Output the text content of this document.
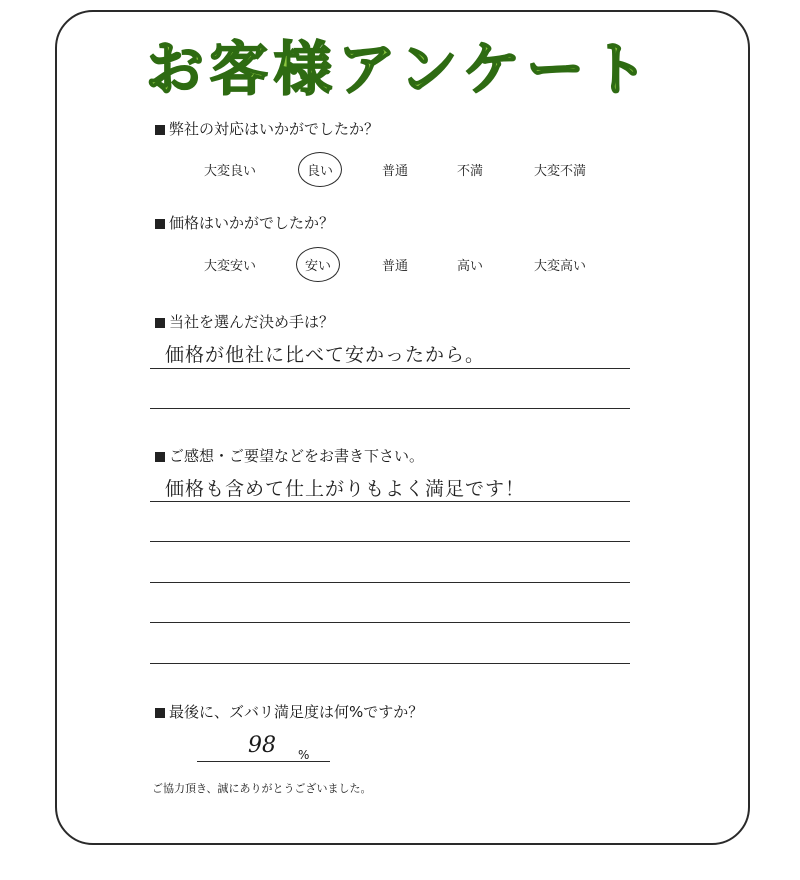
お客様アンケート
弊社の対応はいかがでしたか？
大変良い	良い	普通	不満	大変不満
価格はいかがでしたか？
大変安い	安い	普通	高い	大変高い
当社を選んだ決め手は？
価格が他社に比べて安かったから。
ご感想・ご要望などをお書き下さい。
価格も含めて仕上がりもよく満足です！
最後に、ズバリ満足度は何%ですか？
98 %
ご協力頂き、誠にありがとうございました。
